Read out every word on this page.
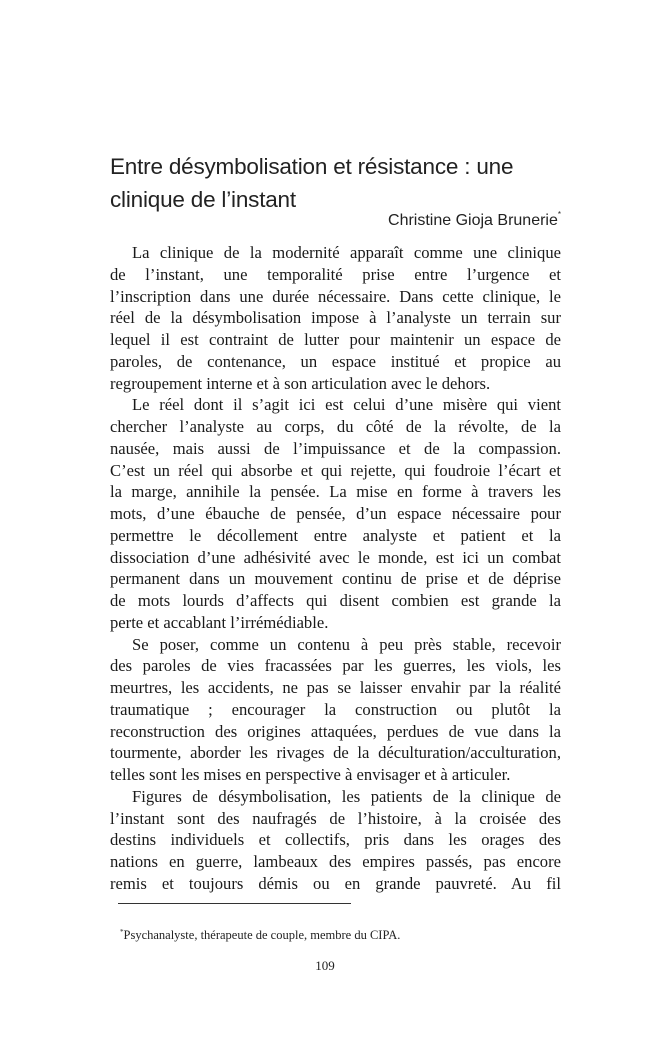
Entre désymbolisation et résistance : une
clinique de l’instant
Christine Gioja Brunerie*
La clinique de la modernité apparaît comme une clinique
de l’instant, une temporalité prise entre l’urgence et
l’inscription dans une durée nécessaire. Dans cette clinique, le
réel de la désymbolisation impose à l’analyste un terrain sur
lequel il est contraint de lutter pour maintenir un espace de
paroles, de contenance, un espace institué et propice au
regroupement interne et à son articulation avec le dehors.
Le réel dont il s’agit ici est celui d’une misère qui vient
chercher l’analyste au corps, du côté de la révolte, de la
nausée, mais aussi de l’impuissance et de la compassion.
C’est un réel qui absorbe et qui rejette, qui foudroie l’écart et
la marge, annihile la pensée. La mise en forme à travers les
mots, d’une ébauche de pensée, d’un espace nécessaire pour
permettre le décollement entre analyste et patient et la
dissociation d’une adhésivité avec le monde, est ici un combat
permanent dans un mouvement continu de prise et de déprise
de mots lourds d’affects qui disent combien est grande la
perte et accablant l’irrémédiable.
Se poser, comme un contenu à peu près stable, recevoir
des paroles de vies fracassées par les guerres, les viols, les
meurtres, les accidents, ne pas se laisser envahir par la réalité
traumatique ; encourager la construction ou plutôt la
reconstruction des origines attaquées, perdues de vue dans la
tourmente, aborder les rivages de la déculturation/acculturation,
telles sont les mises en perspective à envisager et à articuler.
Figures de désymbolisation, les patients de la clinique de
l’instant sont des naufragés de l’histoire, à la croisée des
destins individuels et collectifs, pris dans les orages des
nations en guerre, lambeaux des empires passés, pas encore
remis et toujours démis ou en grande pauvreté. Au fil
*Psychanalyste, thérapeute de couple, membre du CIPA.
109
